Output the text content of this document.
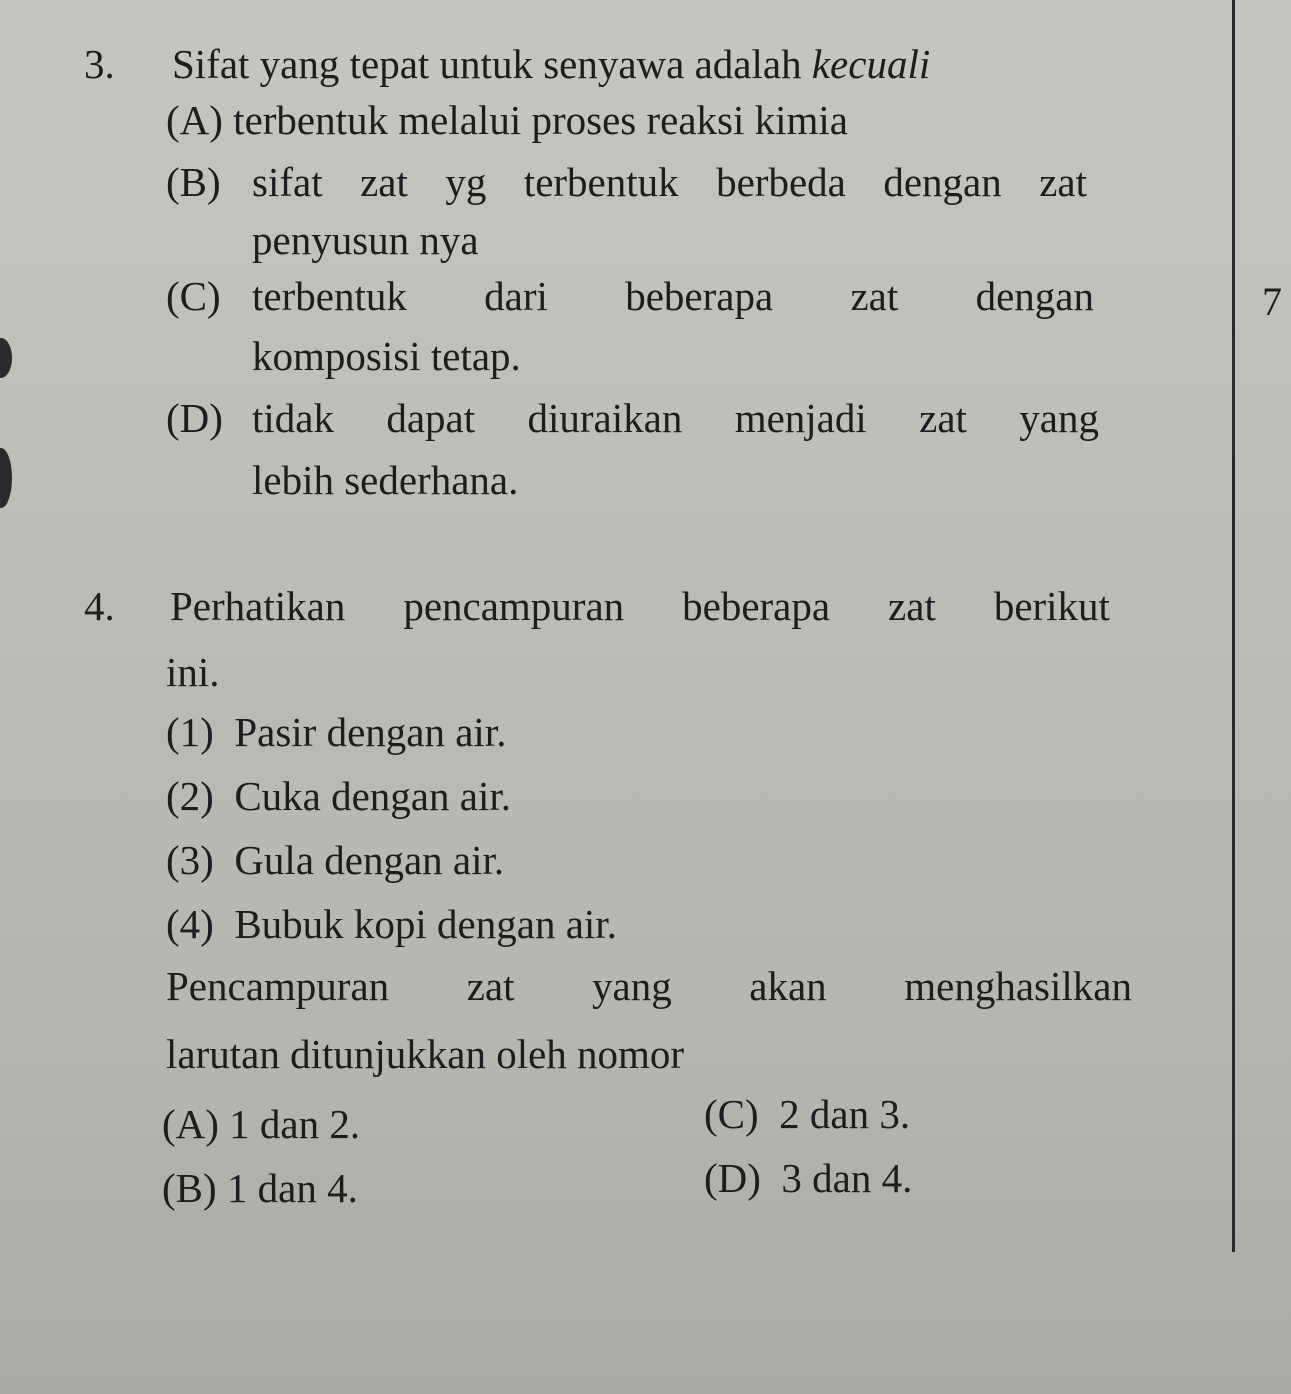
3. Sifat yang tepat untuk senyawa adalah kecuali
(A) terbentuk melalui proses reaksi kimia
(B) sifat zat yg terbentuk berbeda dengan zat
penyusun nya
(C) terbentuk dari beberapa zat dengan
komposisi tetap.
(D) tidak dapat diuraikan menjadi zat yang
lebih sederhana.
4. Perhatikan pencampuran beberapa zat berikut
ini.
(1) Pasir dengan air.
(2) Cuka dengan air.
(3) Gula dengan air.
(4) Bubuk kopi dengan air.
Pencampuran zat yang akan menghasilkan
larutan ditunjukkan oleh nomor
(A) 1 dan 2.	(C) 2 dan 3.
(B) 1 dan 4.	(D) 3 dan 4.
7
